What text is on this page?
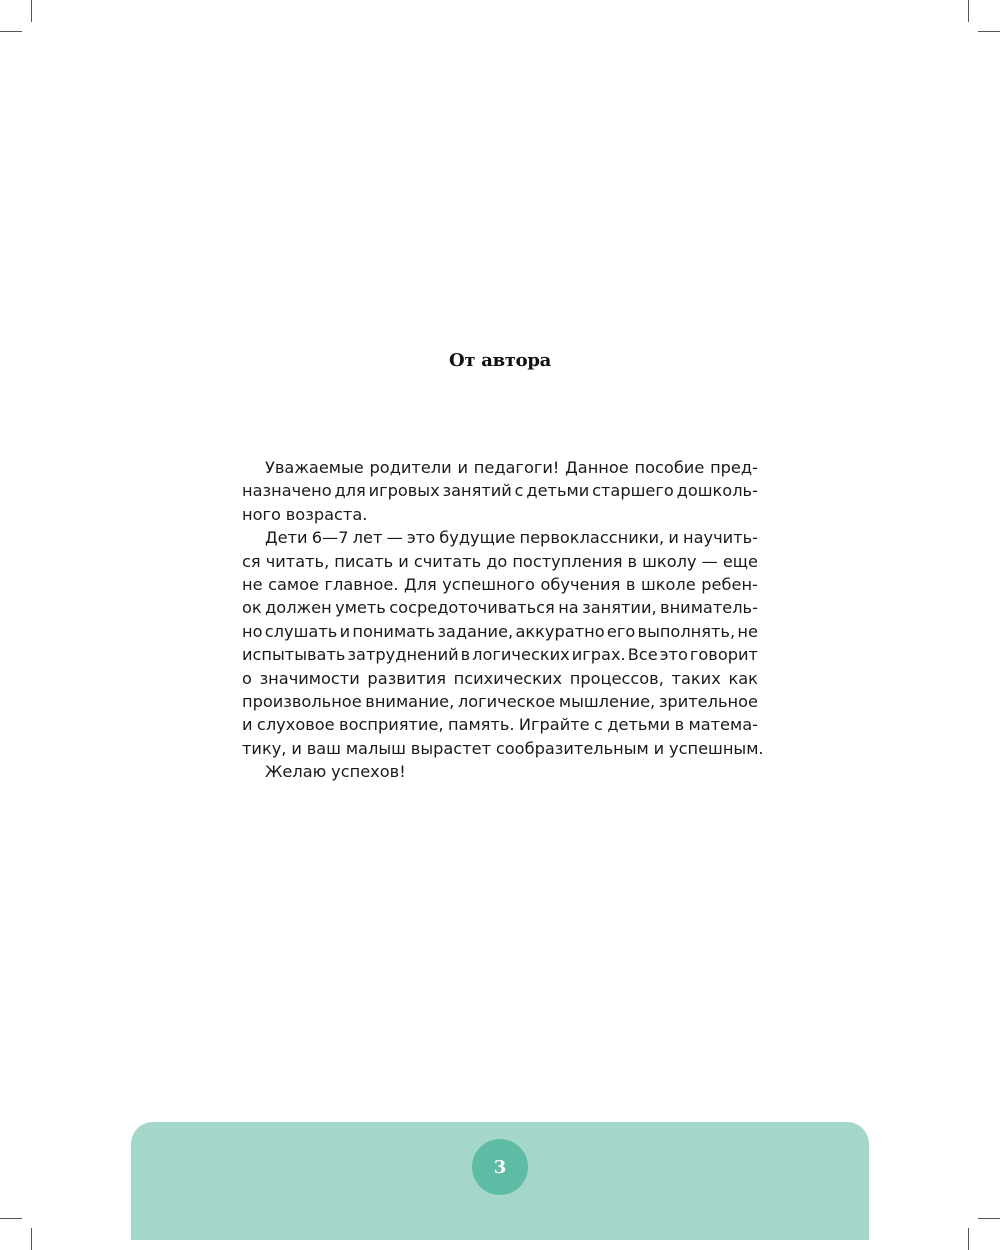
От автора
Уважаемые родители и педагоги! Данное пособие пред-
назначено для игровых занятий с детьми старшего дошколь-
ного возраста.
Дети 6—7 лет — это будущие первоклассники, и научить-
ся читать, писать и считать до поступления в школу — еще
не самое главное. Для успешного обучения в школе ребен-
ок должен уметь сосредоточиваться на занятии, вниматель-
но слушать и понимать задание, аккуратно его выполнять, не
испытывать затруднений в логических играх. Все это говорит
о значимости развития психических процессов, таких как
произвольное внимание, логическое мышление, зрительное
и слуховое восприятие, память. Играйте с детьми в матема-
тику, и ваш малыш вырастет сообразительным и успешным.
Желаю успехов!
3
